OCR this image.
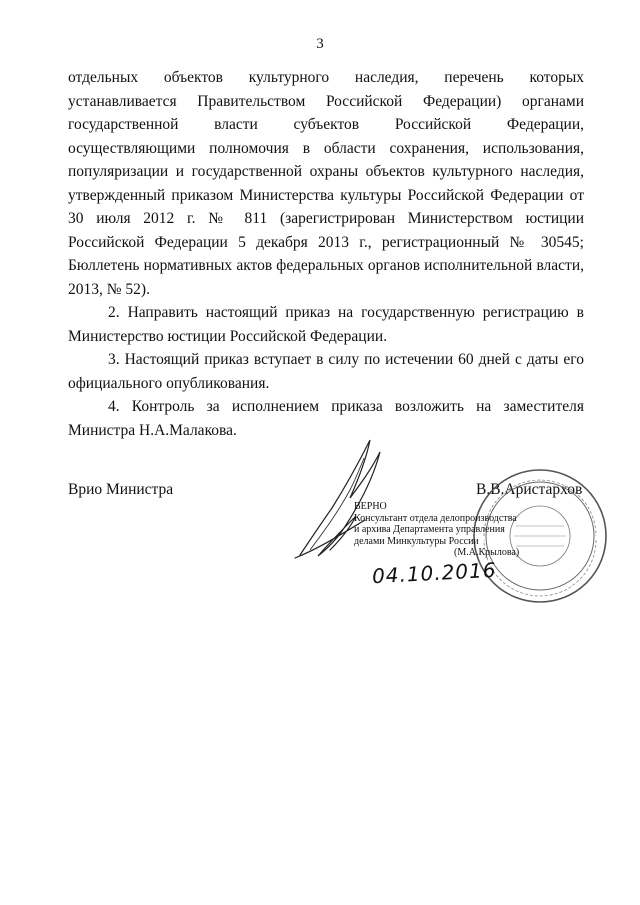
3

отдельных объектов культурного наследия, перечень которых устанавливается Правительством Российской Федерации) органами государственной власти субъектов Российской Федерации, осуществляющими полномочия в области сохранения, использования, популяризации и государственной охраны объектов культурного наследия, утвержденный приказом Министерства культуры Российской Федерации от 30 июля 2012 г. № 811 (зарегистрирован Министерством юстиции Российской Федерации 5 декабря 2013 г., регистрационный № 30545; Бюллетень нормативных актов федеральных органов исполнительной власти, 2013, № 52).

2. Направить настоящий приказ на государственную регистрацию в Министерство юстиции Российской Федерации.

3. Настоящий приказ вступает в силу по истечении 60 дней с даты его официального опубликования.

4. Контроль за исполнением приказа возложить на заместителя Министра Н.А.Малакова.

Врио Министра	В.В.Аристархов
ВЕРНО
Консультант отдела делопроизводства
и архива Департамента управления
делами Минкультуры России
(М.А.Крылова)
04.10.2016
